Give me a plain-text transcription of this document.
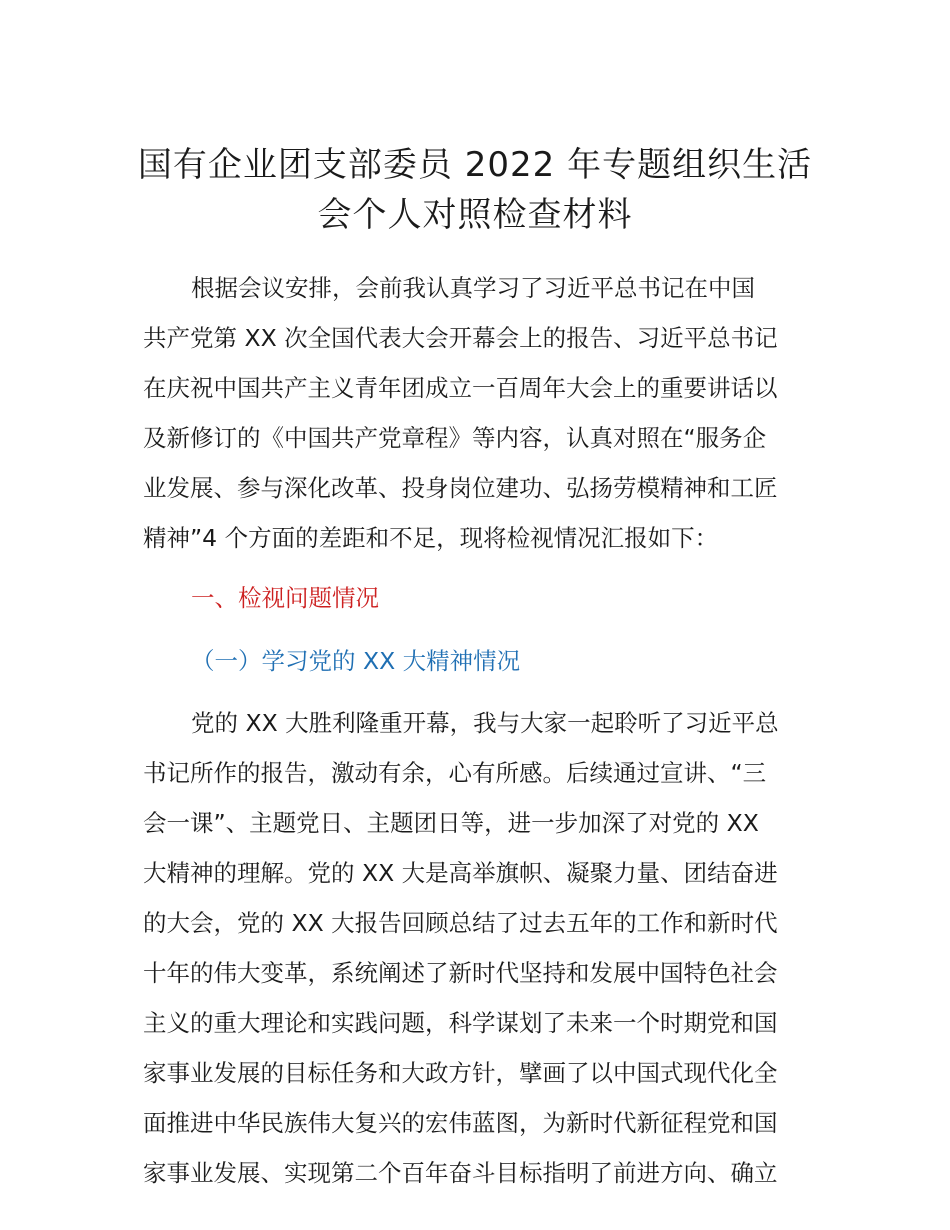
国有企业团支部委员 2022 年专题组织生活
会个人对照检查材料
根据会议安排，会前我认真学习了习近平总书记在中国
共产党第 XX 次全国代表大会开幕会上的报告、习近平总书记
在庆祝中国共产主义青年团成立一百周年大会上的重要讲话以
及新修订的《中国共产党章程》等内容，认真对照在“服务企
业发展、参与深化改革、投身岗位建功、弘扬劳模精神和工匠
精神”4 个方面的差距和不足，现将检视情况汇报如下：
一、检视问题情况
（一）学习党的 XX 大精神情况
党的 XX 大胜利隆重开幕，我与大家一起聆听了习近平总
书记所作的报告，激动有余，心有所感。后续通过宣讲、“三
会一课”、主题党日、主题团日等，进一步加深了对党的 XX
大精神的理解。党的 XX 大是高举旗帜、凝聚力量、团结奋进
的大会，党的 XX 大报告回顾总结了过去五年的工作和新时代
十年的伟大变革，系统阐述了新时代坚持和发展中国特色社会
主义的重大理论和实践问题，科学谋划了未来一个时期党和国
家事业发展的目标任务和大政方针，擘画了以中国式现代化全
面推进中华民族伟大复兴的宏伟蓝图，为新时代新征程党和国
家事业发展、实现第二个百年奋斗目标指明了前进方向、确立
